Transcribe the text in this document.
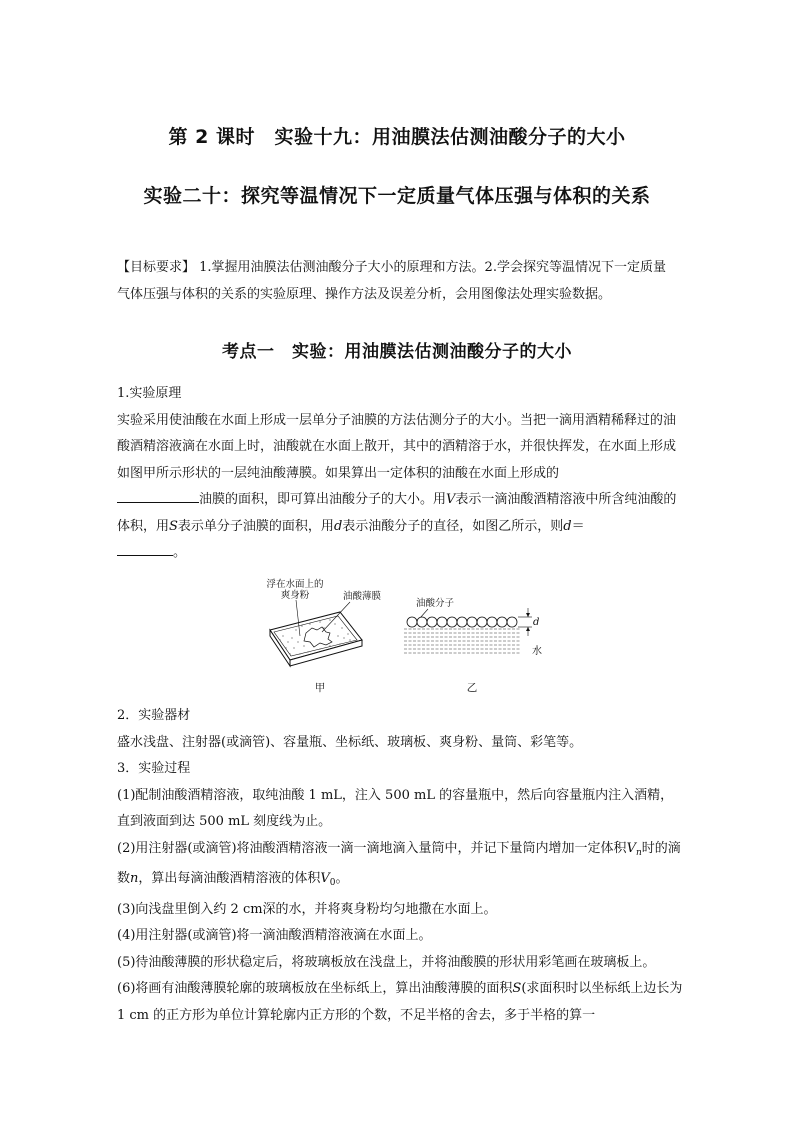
第 2 课时　实验十九：用油膜法估测油酸分子的大小
实验二十：探究等温情况下一定质量气体压强与体积的关系
【目标要求】 1.掌握用油膜法估测油酸分子大小的原理和方法。2.学会探究等温情况下一定质量气体压强与体积的关系的实验原理、操作方法及误差分析，会用图像法处理实验数据。
考点一　实验：用油膜法估测油酸分子的大小
1.实验原理
实验采用使油酸在水面上形成一层单分子油膜的方法估测分子的大小。当把一滴用酒精稀释过的油酸酒精溶液滴在水面上时，油酸就在水面上散开，其中的酒精溶于水，并很快挥发，在水面上形成如图甲所示形状的一层纯油酸薄膜。如果算出一定体积的油酸在水面上形成的
油膜的面积，即可算出油酸分子的大小。用V表示一滴油酸酒精溶液中所含纯油酸的体积，用S表示单分子油膜的面积，用d表示油酸分子的直径，如图乙所示，则d＝
。
浮在水面上的
爽身粉	油酸薄膜
甲
油酸分子
d
水
乙
2．实验器材
盛水浅盘、注射器(或滴管)、容量瓶、坐标纸、玻璃板、爽身粉、量筒、彩笔等。
3．实验过程
(1)配制油酸酒精溶液，取纯油酸 1 mL，注入 500 mL 的容量瓶中，然后向容量瓶内注入酒精，直到液面到达 500 mL 刻度线为止。
(2)用注射器(或滴管)将油酸酒精溶液一滴一滴地滴入量筒中，并记下量筒内增加一定体积$V_n$时的滴数n，算出每滴油酸酒精溶液的体积$V_0$。
(3)向浅盘里倒入约 2 cm深的水，并将爽身粉均匀地撒在水面上。
(4)用注射器(或滴管)将一滴油酸酒精溶液滴在水面上。
(5)待油酸薄膜的形状稳定后，将玻璃板放在浅盘上，并将油酸膜的形状用彩笔画在玻璃板上。
(6)将画有油酸薄膜轮廓的玻璃板放在坐标纸上，算出油酸薄膜的面积S(求面积时以坐标纸上边长为 1 cm 的正方形为单位计算轮廓内正方形的个数，不足半格的舍去，多于半格的算一
